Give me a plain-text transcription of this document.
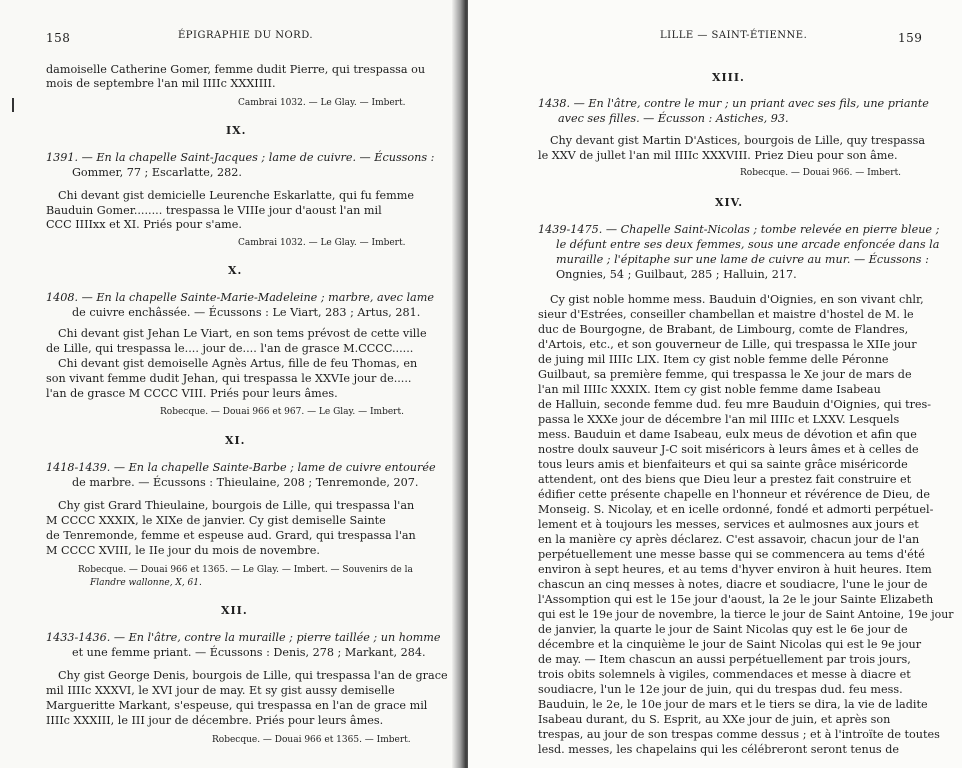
158	ÉPIGRAPHIE DU NORD.
damoiselle Catherine Gomer, femme dudit Pierre, qui trespassa ou
mois de septembre l'an mil IIIIc XXXIIII.
Cambrai 1032. — Le Glay. — Imbert.
IX.
1391. — En la chapelle Saint-Jacques ; lame de cuivre. — Écussons :
Gommer, 77 ; Escarlatte, 282.
Chi devant gist demicielle Leurenche Eskarlatte, qui fu femme
Bauduin Gomer........ trespassa le VIIIe jour d'aoust l'an mil
CCC IIIIxx et XI. Priés pour s'ame.
Cambrai 1032. — Le Glay. — Imbert.
X.
1408. — En la chapelle Sainte-Marie-Madeleine ; marbre, avec lame
de cuivre enchâssée. — Écussons : Le Viart, 283 ; Artus, 281.
Chi devant gist Jehan Le Viart, en son tems prévost de cette ville
de Lille, qui trespassa le.... jour de.... l'an de grasce M.CCCC......
Chi devant gist demoiselle Agnès Artus, fille de feu Thomas, en
son vivant femme dudit Jehan, qui trespassa le XXVIe jour de.....
l'an de grasce M CCCC VIII. Priés pour leurs âmes.
Robecque. — Douai 966 et 967. — Le Glay. — Imbert.
XI.
1418-1439. — En la chapelle Sainte-Barbe ; lame de cuivre entourée
de marbre. — Écussons : Thieulaine, 208 ; Tenremonde, 207.
Chy gist Grard Thieulaine, bourgois de Lille, qui trespassa l'an
M CCCC XXXIX, le XIXe de janvier. Cy gist demiselle Sainte
de Tenremonde, femme et espeuse aud. Grard, qui trespassa l'an
M CCCC XVIII, le IIe jour du mois de novembre.
Robecque. — Douai 966 et 1365. — Le Glay. — Imbert. — Souvenirs de la
Flandre wallonne, X, 61.
XII.
1433-1436. — En l'âtre, contre la muraille ; pierre taillée ; un homme
et une femme priant. — Écussons : Denis, 278 ; Markant, 284.
Chy gist George Denis, bourgois de Lille, qui trespassa l'an de grace
mil IIIIc XXXVI, le XVI jour de may. Et sy gist aussy demiselle
Margueritte Markant, s'espeuse, qui trespassa en l'an de grace mil
IIIIc XXXIII, le III jour de décembre. Priés pour leurs âmes.
Robecque. — Douai 966 et 1365. — Imbert.
LILLE — SAINT-ÉTIENNE.	159
XIII.
1438. — En l'âtre, contre le mur ; un priant avec ses fils, une priante
avec ses filles. — Écusson : Astiches, 93.
Chy devant gist Martin D'Astices, bourgois de Lille, quy trespassa
le XXV de jullet l'an mil IIIIc XXXVIII. Priez Dieu pour son âme.
Robecque. — Douai 966. — Imbert.
XIV.
1439-1475. — Chapelle Saint-Nicolas ; tombe relevée en pierre bleue ;
le défunt entre ses deux femmes, sous une arcade enfoncée dans la
muraille ; l'épitaphe sur une lame de cuivre au mur. — Écussons :
Ongnies, 54 ; Guilbaut, 285 ; Halluin, 217.
Cy gist noble homme mess. Bauduin d'Oignies, en son vivant chlr,
sieur d'Estrées, conseiller chambellan et maistre d'hostel de M. le
duc de Bourgogne, de Brabant, de Limbourg, comte de Flandres,
d'Artois, etc., et son gouverneur de Lille, qui trespassa le XIIe jour
de juing mil IIIIc LIX. Item cy gist noble femme delle Péronne
Guilbaut, sa première femme, qui trespassa le Xe jour de mars de
l'an mil IIIIc XXXIX. Item cy gist noble femme dame Isabeau
de Halluin, seconde femme dud. feu mre Bauduin d'Oignies, qui tres-
passa le XXXe jour de décembre l'an mil IIIIc et LXXV. Lesquels
mess. Bauduin et dame Isabeau, eulx meus de dévotion et afin que
nostre doulx sauveur J-C soit miséricors à leurs âmes et à celles de
tous leurs amis et bienfaiteurs et qui sa sainte grâce miséricorde
attendent, ont des biens que Dieu leur a prestez fait construire et
édifier cette présente chapelle en l'honneur et révérence de Dieu, de
Monseig. S. Nicolay, et en icelle ordonné, fondé et admorti perpétuel-
lement et à toujours les messes, services et aulmosnes aux jours et
en la manière cy après déclarez. C'est assavoir, chacun jour de l'an
perpétuellement une messe basse qui se commencera au tems d'été
environ à sept heures, et au tems d'hyver environ à huit heures. Item
chascun an cinq messes à notes, diacre et soudiacre, l'une le jour de
l'Assomption qui est le 15e jour d'aoust, la 2e le jour Sainte Elizabeth
qui est le 19e jour de novembre, la tierce le jour de Saint Antoine, 19e jour
de janvier, la quarte le jour de Saint Nicolas quy est le 6e jour de
décembre et la cinquième le jour de Saint Nicolas qui est le 9e jour
de may. — Item chascun an aussi perpétuellement par trois jours,
trois obits solemnels à vigiles, commendaces et messe à diacre et
soudiacre, l'un le 12e jour de juin, qui du trespas dud. feu mess.
Bauduin, le 2e, le 10e jour de mars et le tiers se dira, la vie de ladite
Isabeau durant, du S. Esprit, au XXe jour de juin, et après son
trespas, au jour de son trespas comme dessus ; et à l'introïte de toutes
lesd. messes, les chapelains qui les célébreront seront tenus de
